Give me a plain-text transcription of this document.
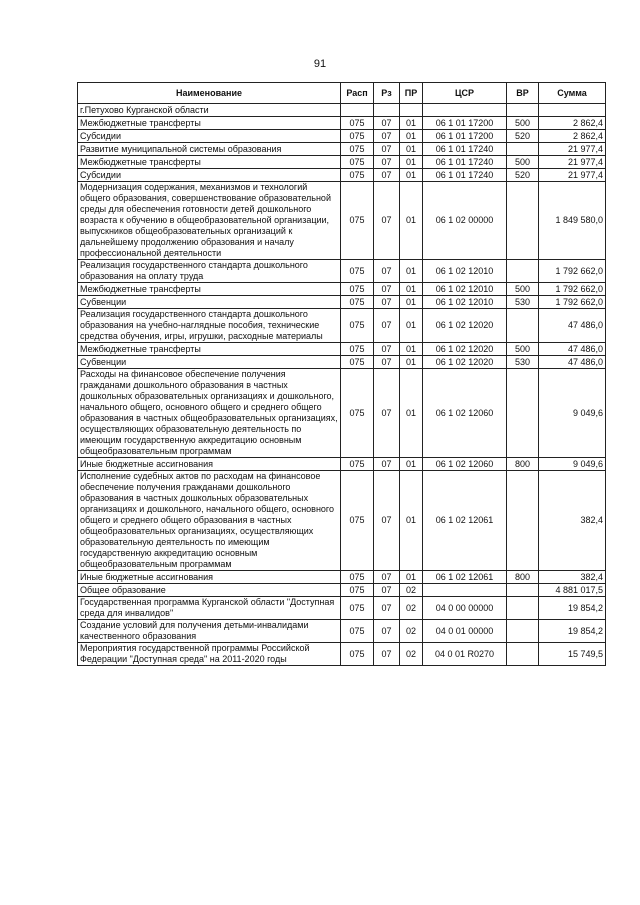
91
Наименование	Расп	Рз	ПР	ЦСР	ВР	Сумма
г.Петухово Курганской области						
Межбюджетные трансферты	075	07	01	06 1 01 17200	500	2 862,4
Субсидии	075	07	01	06 1 01 17200	520	2 862,4
Развитие муниципальной системы образования	075	07	01	06 1 01 17240		21 977,4
Межбюджетные трансферты	075	07	01	06 1 01 17240	500	21 977,4
Субсидии	075	07	01	06 1 01 17240	520	21 977,4
Модернизация содержания, механизмов и технологий общего образования, совершенствование образовательной среды для обеспечения готовности детей дошкольного возраста к обучению в общеобразовательной организации, выпускников общеобразовательных организаций к дальнейшему продолжению образования и началу профессиональной деятельности	075	07	01	06 1 02 00000		1 849 580,0
Реализация государственного стандарта дошкольного образования на оплату труда	075	07	01	06 1 02 12010		1 792 662,0
Межбюджетные трансферты	075	07	01	06 1 02 12010	500	1 792 662,0
Субвенции	075	07	01	06 1 02 12010	530	1 792 662,0
Реализация государственного стандарта дошкольного образования на учебно-наглядные пособия, технические средства обучения, игры, игрушки, расходные материалы	075	07	01	06 1 02 12020		47 486,0
Межбюджетные трансферты	075	07	01	06 1 02 12020	500	47 486,0
Субвенции	075	07	01	06 1 02 12020	530	47 486,0
Расходы на финансовое обеспечение получения гражданами дошкольного образования в частных дошкольных образовательных организациях и дошкольного, начального общего, основного общего и среднего общего образования в частных общеобразовательных организациях, осуществляющих образовательную деятельность по имеющим государственную аккредитацию основным общеобразовательным программам	075	07	01	06 1 02 12060		9 049,6
Иные бюджетные ассигнования	075	07	01	06 1 02 12060	800	9 049,6
Исполнение судебных актов по расходам на финансовое обеспечение получения гражданами дошкольного образования в частных дошкольных образовательных организациях и дошкольного, начального общего, основного общего и среднего общего образования в частных общеобразовательных организациях, осуществляющих образовательную деятельность по имеющим государственную аккредитацию основным общеобразовательным программам	075	07	01	06 1 02 12061		382,4
Иные бюджетные ассигнования	075	07	01	06 1 02 12061	800	382,4
Общее образование	075	07	02			4 881 017,5
Государственная программа Курганской области "Доступная среда для инвалидов"	075	07	02	04 0 00 00000		19 854,2
Создание условий для получения детьми-инвалидами качественного образования	075	07	02	04 0 01 00000		19 854,2
Мероприятия государственной программы Российской Федерации "Доступная среда" на 2011-2020 годы	075	07	02	04 0 01 R0270		15 749,5
